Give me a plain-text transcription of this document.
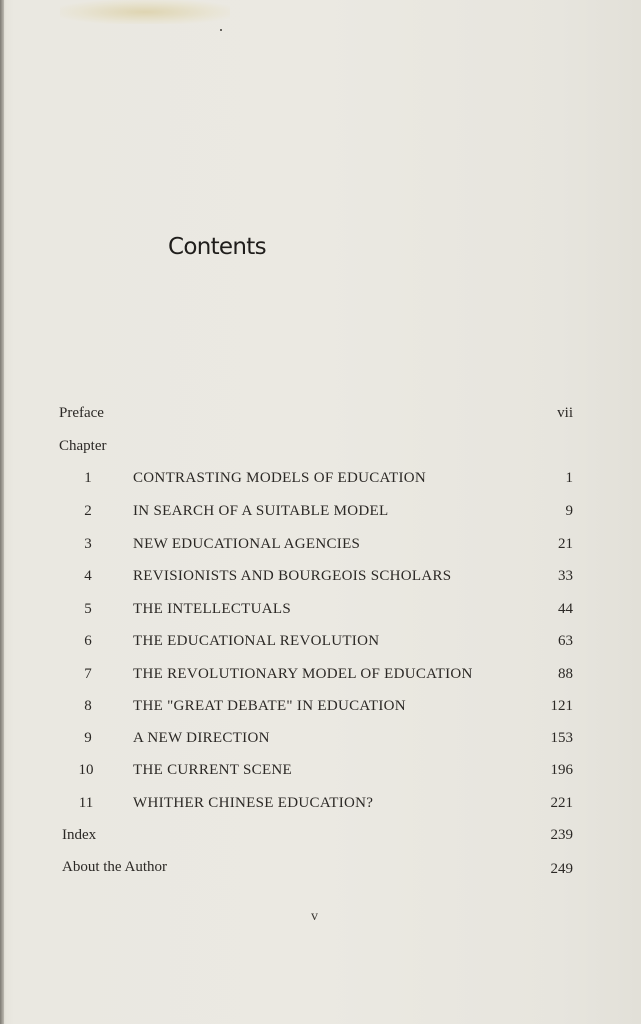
Contents
Preface	vii
Chapter
1	CONTRASTING MODELS OF EDUCATION	1
2	IN SEARCH OF A SUITABLE MODEL	9
3	NEW EDUCATIONAL AGENCIES	21
4	REVISIONISTS AND BOURGEOIS SCHOLARS	33
5	THE INTELLECTUALS	44
6	THE EDUCATIONAL REVOLUTION	63
7	THE REVOLUTIONARY MODEL OF EDUCATION	88
8	THE "GREAT DEBATE" IN EDUCATION	121
9	A NEW DIRECTION	153
10	THE CURRENT SCENE	196
11	WHITHER CHINESE EDUCATION?	221
Index	239
About the Author	249
v
